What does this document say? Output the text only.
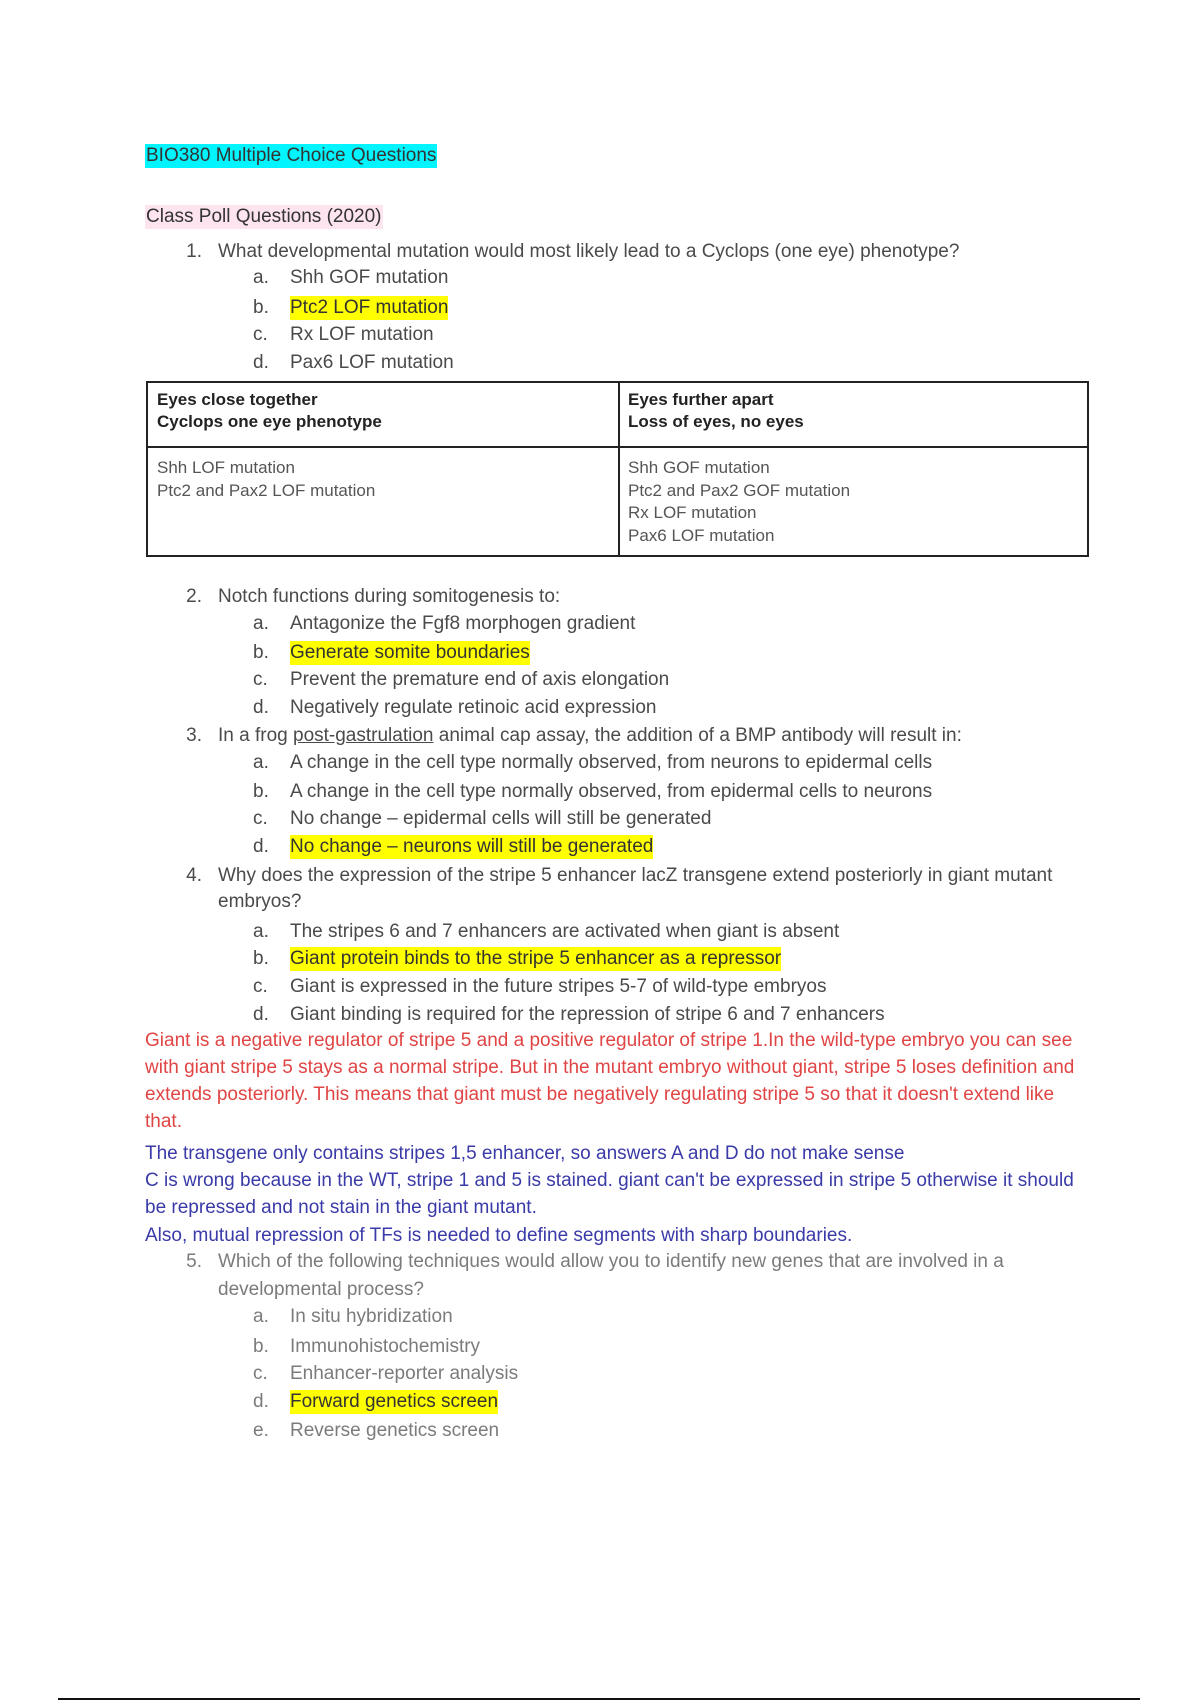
BIO380 Multiple Choice Questions
Class Poll Questions (2020)
1. What developmental mutation would most likely lead to a Cyclops (one eye) phenotype?
a. Shh GOF mutation
b. Ptc2 LOF mutation
c. Rx LOF mutation
d. Pax6 LOF mutation
Eyes close together
Cyclops one eye phenotype
Eyes further apart
Loss of eyes, no eyes
Shh LOF mutation
Ptc2 and Pax2 LOF mutation
Shh GOF mutation
Ptc2 and Pax2 GOF mutation
Rx LOF mutation
Pax6 LOF mutation
2. Notch functions during somitogenesis to:
a. Antagonize the Fgf8 morphogen gradient
b. Generate somite boundaries
c. Prevent the premature end of axis elongation
d. Negatively regulate retinoic acid expression
3. In a frog post-gastrulation animal cap assay, the addition of a BMP antibody will result in:
a. A change in the cell type normally observed, from neurons to epidermal cells
b. A change in the cell type normally observed, from epidermal cells to neurons
c. No change – epidermal cells will still be generated
d. No change – neurons will still be generated
4. Why does the expression of the stripe 5 enhancer lacZ transgene extend posteriorly in giant mutant
embryos?
a. The stripes 6 and 7 enhancers are activated when giant is absent
b. Giant protein binds to the stripe 5 enhancer as a repressor
c. Giant is expressed in the future stripes 5-7 of wild-type embryos
d. Giant binding is required for the repression of stripe 6 and 7 enhancers
Giant is a negative regulator of stripe 5 and a positive regulator of stripe 1.In the wild-type embryo you can see with giant stripe 5 stays as a normal stripe. But in the mutant embryo without giant, stripe 5 loses definition and extends posteriorly. This means that giant must be negatively regulating stripe 5 so that it doesn't extend like that.
The transgene only contains stripes 1,5 enhancer, so answers A and D do not make sense
C is wrong because in the WT, stripe 1 and 5 is stained. giant can't be expressed in stripe 5 otherwise it should be repressed and not stain in the giant mutant.
Also, mutual repression of TFs is needed to define segments with sharp boundaries.
5. Which of the following techniques would allow you to identify new genes that are involved in a
developmental process?
a. In situ hybridization
b. Immunohistochemistry
c. Enhancer-reporter analysis
d. Forward genetics screen
e. Reverse genetics screen
